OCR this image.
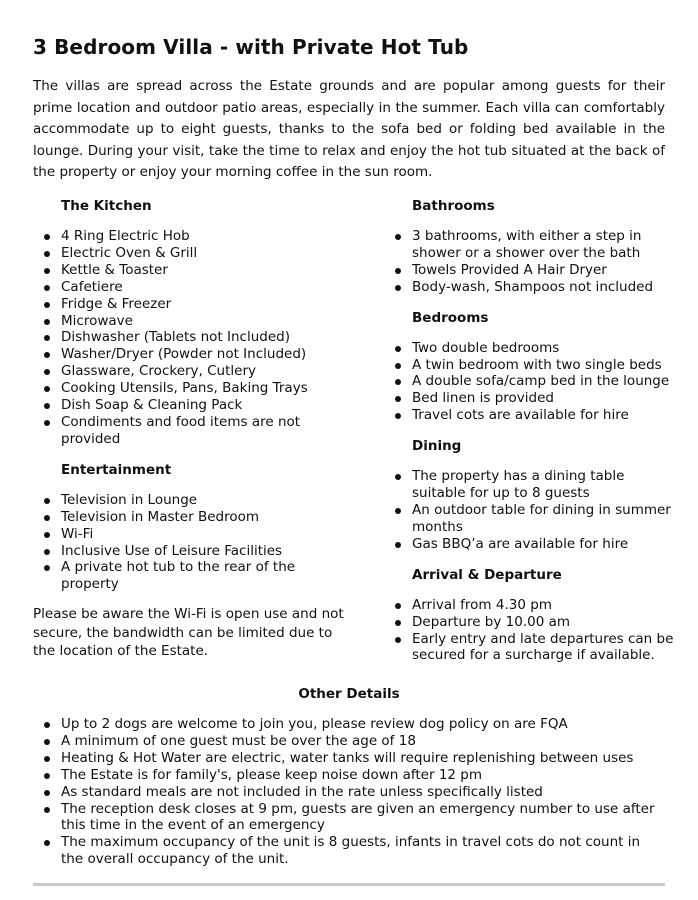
3 Bedroom Villa - with Private Hot Tub

The villas are spread across the Estate grounds and are popular among guests for their prime location and outdoor patio areas, especially in the summer. Each villa can comfortably accommodate up to eight guests, thanks to the sofa bed or folding bed available in the lounge. During your visit, take the time to relax and enjoy the hot tub situated at the back of the property or enjoy your morning coffee in the sun room.

The Kitchen
4 Ring Electric Hob
Electric Oven & Grill
Kettle & Toaster
Cafetiere
Fridge & Freezer
Microwave
Dishwasher (Tablets not Included)
Washer/Dryer (Powder not Included)
Glassware, Crockery, Cutlery
Cooking Utensils, Pans, Baking Trays
Dish Soap & Cleaning Pack
Condiments and food items are not provided
Entertainment
Television in Lounge
Television in Master Bedroom
Wi-Fi
Inclusive Use of Leisure Facilities
A private hot tub to the rear of the property

Please be aware the Wi-Fi is open use and not secure, the bandwidth can be limited due to the location of the Estate.

Bathrooms
3 bathrooms, with either a step in shower or a shower over the bath
Towels Provided A Hair Dryer
Body-wash, Shampoos not included
Bedrooms
Two double bedrooms
A twin bedroom with two single beds
A double sofa/camp bed in the lounge
Bed linen is provided
Travel cots are available for hire
Dining
The property has a dining table suitable for up to 8 guests
An outdoor table for dining in summer months
Gas BBQ’a are available for hire
Arrival & Departure
Arrival from 4.30 pm
Departure by 10.00 am
Early entry and late departures can be secured for a surcharge if available.
Other Details
Up to 2 dogs are welcome to join you, please review dog policy on are FQA
A minimum of one guest must be over the age of 18
Heating & Hot Water are electric, water tanks will require replenishing between uses
The Estate is for family's, please keep noise down after 12 pm
As standard meals are not included in the rate unless specifically listed
The reception desk closes at 9 pm, guests are given an emergency number to use after this time in the event of an emergency
The maximum occupancy of the unit is 8 guests, infants in travel cots do not count in the overall occupancy of the unit.
